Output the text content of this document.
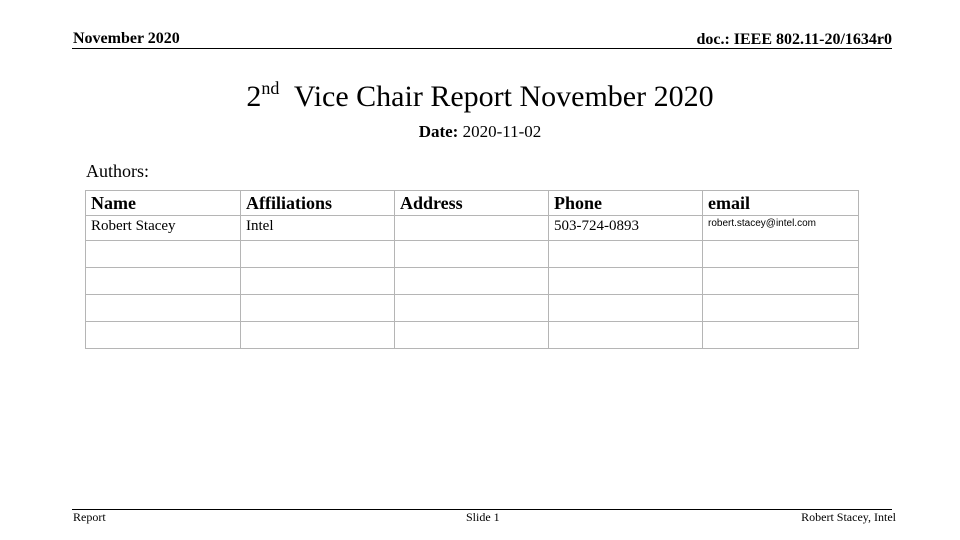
November 2020	doc.: IEEE 802.11-20/1634r0
2nd Vice Chair Report November 2020
Date: 2020-11-02
Authors:
Name	Affiliations	Address	Phone	email
Robert Stacey	Intel		503-724-0893	robert.stacey@intel.com

Report	Slide 1	Robert Stacey, Intel
